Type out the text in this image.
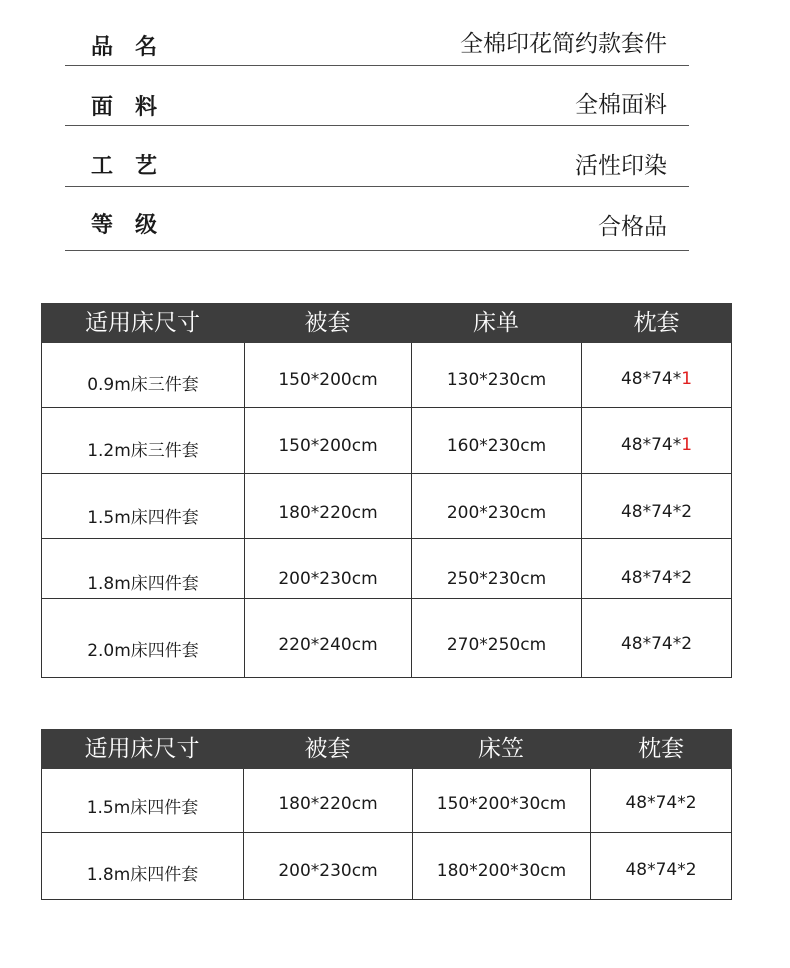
品名	全棉印花简约款套件
面料	全棉面料
工艺	活性印染
等级	合格品
适用床尺寸	被套	床单	枕套
0.9m床三件套	150*200cm	130*230cm	48*74*1
1.2m床三件套	150*200cm	160*230cm	48*74*1
1.5m床四件套	180*220cm	200*230cm	48*74*2
1.8m床四件套	200*230cm	250*230cm	48*74*2
2.0m床四件套	220*240cm	270*250cm	48*74*2
适用床尺寸	被套	床笠	枕套
1.5m床四件套	180*220cm	150*200*30cm	48*74*2
1.8m床四件套	200*230cm	180*200*30cm	48*74*2
